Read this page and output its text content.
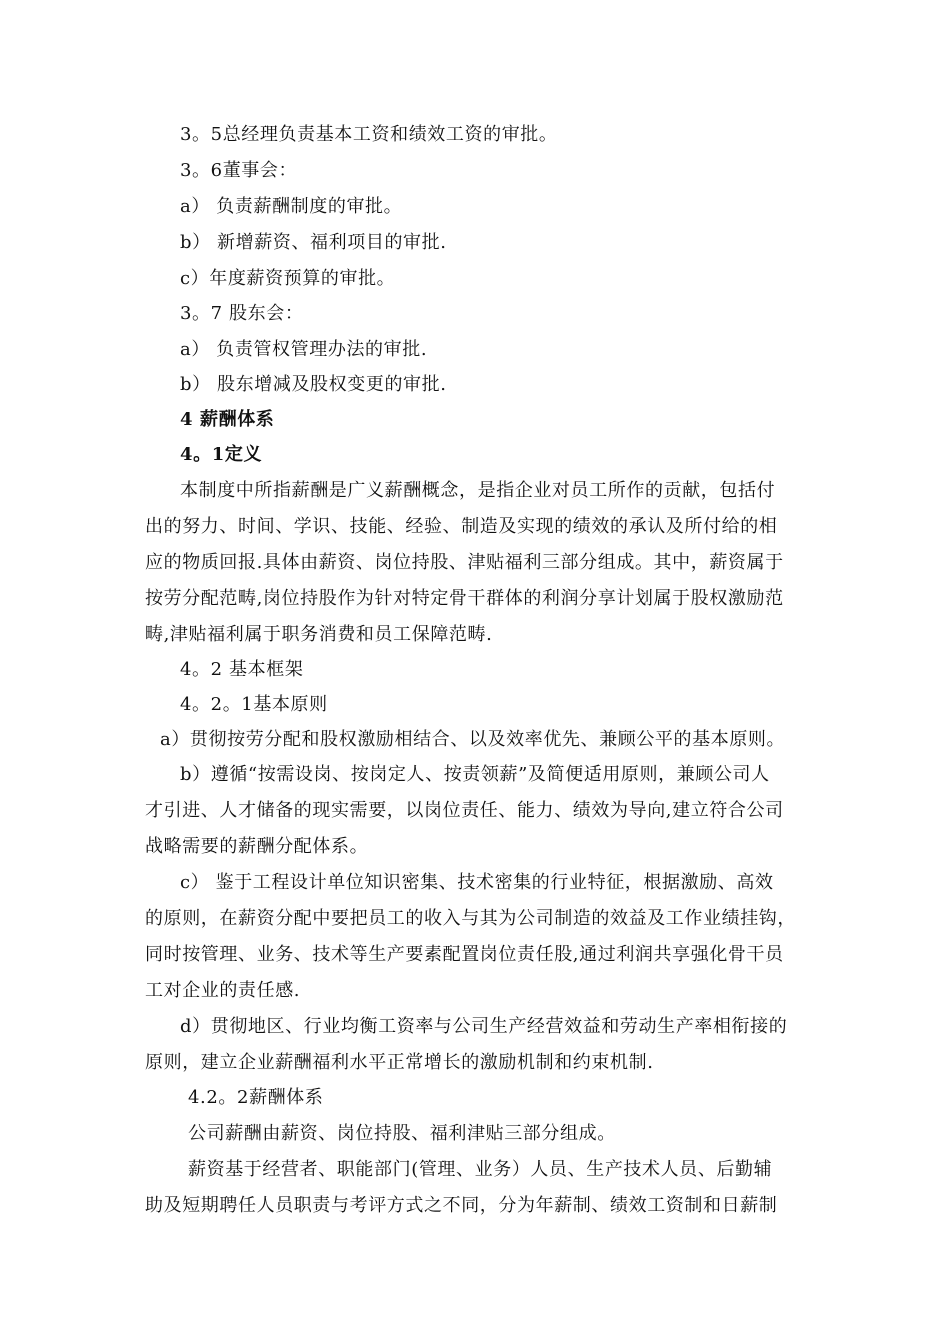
3。5总经理负责基本工资和绩效工资的审批。
3。6董事会：
a） 负责薪酬制度的审批。
b） 新增薪资、福利项目的审批.
c）年度薪资预算的审批。
3。7 股东会：
a） 负责管权管理办法的审批.
b） 股东增减及股权变更的审批.
4 薪酬体系
4。1定义
本制度中所指薪酬是广义薪酬概念，是指企业对员工所作的贡献，包括付
出的努力、时间、学识、技能、经验、制造及实现的绩效的承认及所付给的相
应的物质回报.具体由薪资、岗位持股、津贴福利三部分组成。其中，薪资属于
按劳分配范畴,岗位持股作为针对特定骨干群体的利润分享计划属于股权激励范
畴,津贴福利属于职务消费和员工保障范畴.
4。2 基本框架
4。2。1基本原则
a）贯彻按劳分配和股权激励相结合、以及效率优先、兼顾公平的基本原则。
b）遵循“按需设岗、按岗定人、按责领薪”及简便适用原则，兼顾公司人
才引进、人才储备的现实需要，以岗位责任、能力、绩效为导向,建立符合公司
战略需要的薪酬分配体系。
c） 鉴于工程设计单位知识密集、技术密集的行业特征，根据激励、高效
的原则，在薪资分配中要把员工的收入与其为公司制造的效益及工作业绩挂钩，
同时按管理、业务、技术等生产要素配置岗位责任股,通过利润共享强化骨干员
工对企业的责任感.
d）贯彻地区、行业均衡工资率与公司生产经营效益和劳动生产率相衔接的
原则，建立企业薪酬福利水平正常增长的激励机制和约束机制.
4.2。2薪酬体系
公司薪酬由薪资、岗位持股、福利津贴三部分组成。
薪资基于经营者、职能部门(管理、业务）人员、生产技术人员、后勤辅
助及短期聘任人员职责与考评方式之不同，分为年薪制、绩效工资制和日薪制
